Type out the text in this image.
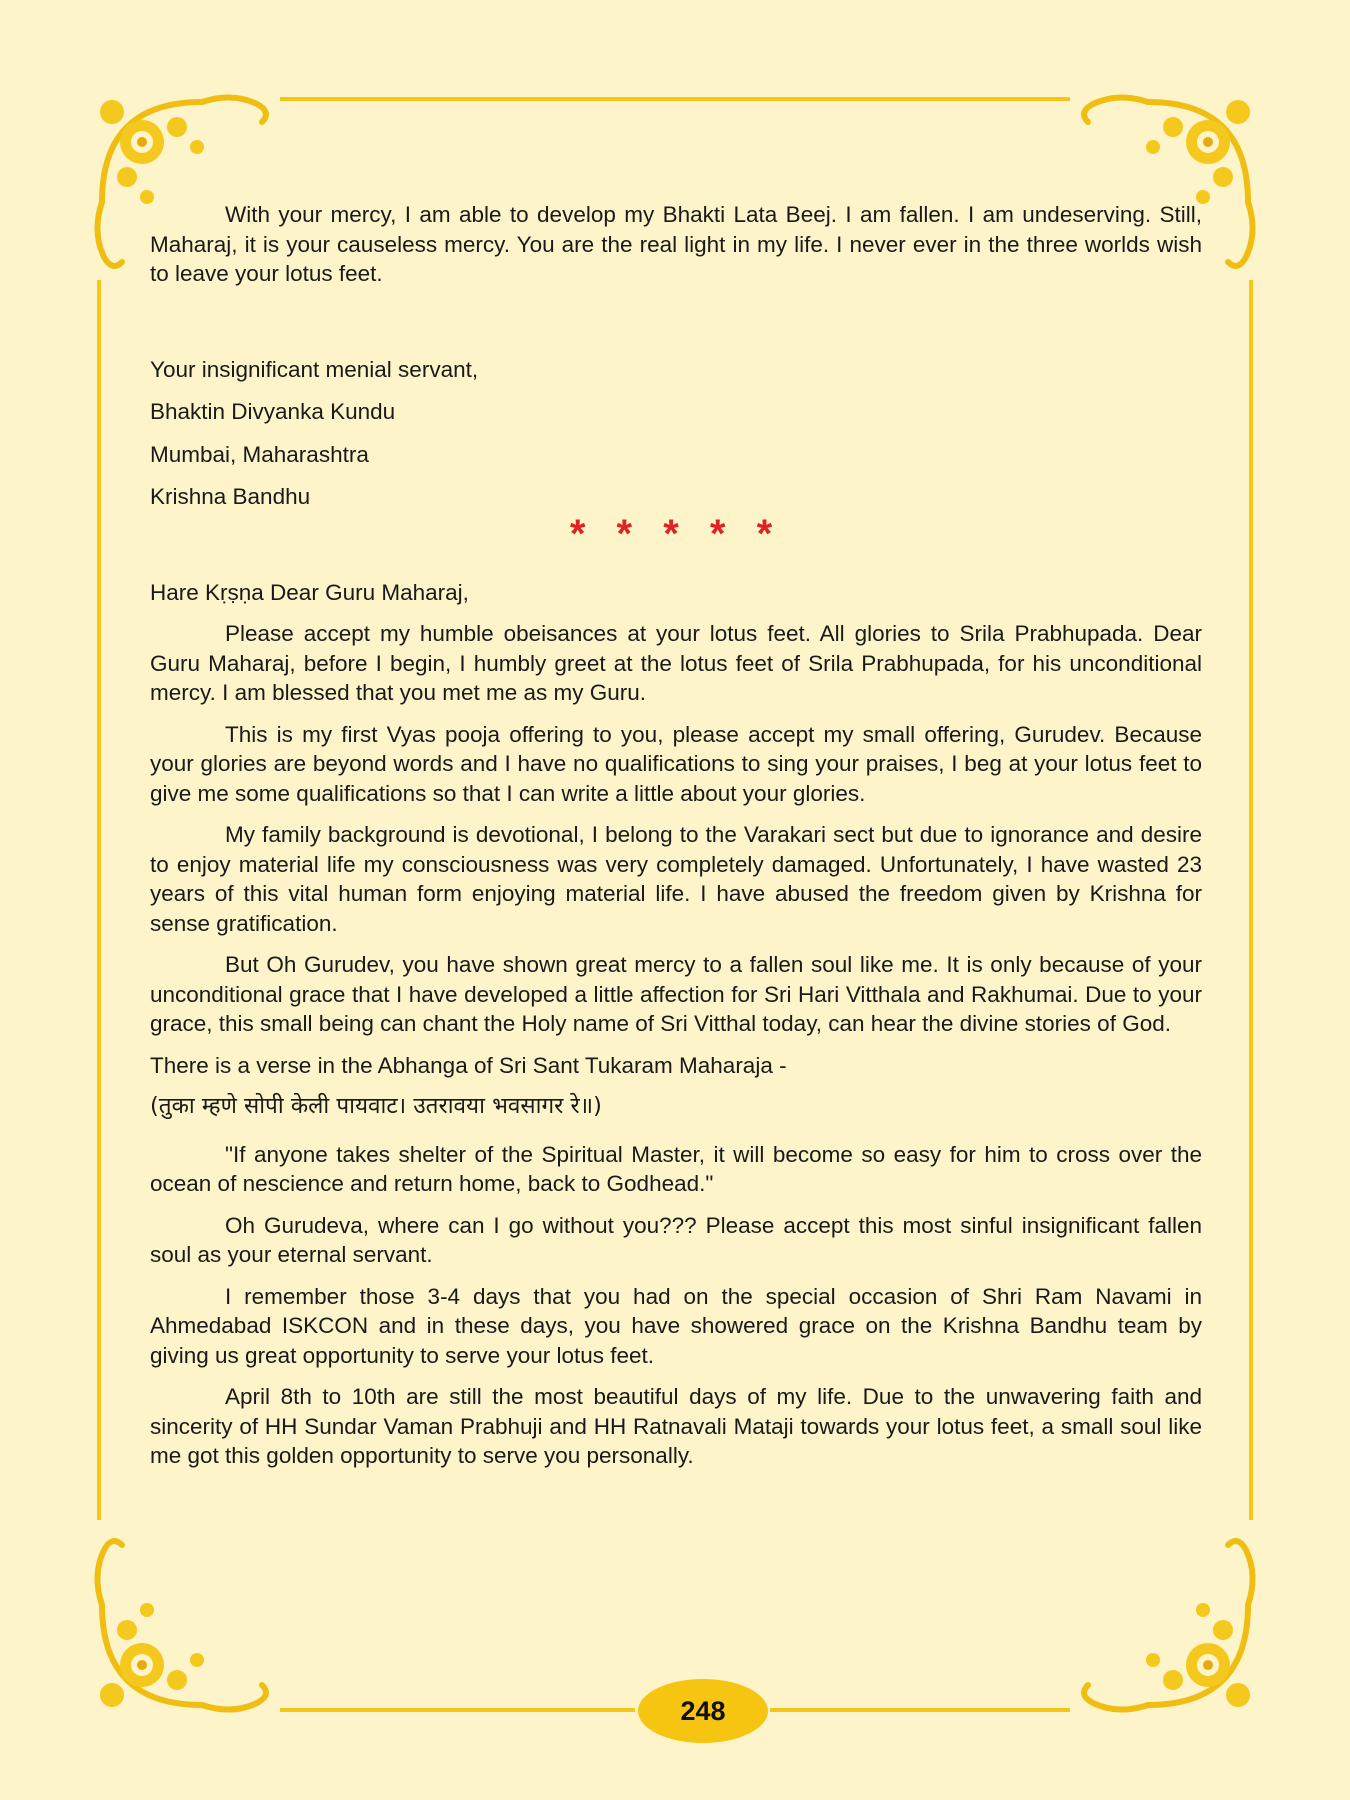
With your mercy, I am able to develop my Bhakti Lata Beej. I am fallen. I am undeserving. Still, Maharaj, it is your causeless mercy. You are the real light in my life. I never ever in the three worlds wish to leave your lotus feet.

Your insignificant menial servant,

Bhaktin Divyanka Kundu

Mumbai, Maharashtra

Krishna Bandhu

* * * * *

Hare Kṛṣṇa Dear Guru Maharaj,

Please accept my humble obeisances at your lotus feet. All glories to Srila Prabhupada. Dear Guru Maharaj, before I begin, I humbly greet at the lotus feet of Srila Prabhupada, for his unconditional mercy. I am blessed that you met me as my Guru.

This is my first Vyas pooja offering to you, please accept my small offering, Gurudev. Because your glories are beyond words and I have no qualifications to sing your praises, I beg at your lotus feet to give me some qualifications so that I can write a little about your glories.

My family background is devotional, I belong to the Varakari sect but due to ignorance and desire to enjoy material life my consciousness was very completely damaged. Unfortunately, I have wasted 23 years of this vital human form enjoying material life. I have abused the freedom given by Krishna for sense gratification.

But Oh Gurudev, you have shown great mercy to a fallen soul like me. It is only because of your unconditional grace that I have developed a little affection for Sri Hari Vitthala and Rakhumai. Due to your grace, this small being can chant the Holy name of Sri Vitthal today, can hear the divine stories of God.

There is a verse in the Abhanga of Sri Sant Tukaram Maharaja -

(तुका म्हणे सोपी केली पायवाट। उतरावया भवसागर रे॥)

"If anyone takes shelter of the Spiritual Master, it will become so easy for him to cross over the ocean of nescience and return home, back to Godhead."

Oh Gurudeva, where can I go without you??? Please accept this most sinful insignificant fallen soul as your eternal servant.

I remember those 3-4 days that you had on the special occasion of Shri Ram Navami in Ahmedabad ISKCON and in these days, you have showered grace on the Krishna Bandhu team by giving us great opportunity to serve your lotus feet.

April 8th to 10th are still the most beautiful days of my life. Due to the unwavering faith and sincerity of HH Sundar Vaman Prabhuji and HH Ratnavali Mataji towards your lotus feet, a small soul like me got this golden opportunity to serve you personally.

248
